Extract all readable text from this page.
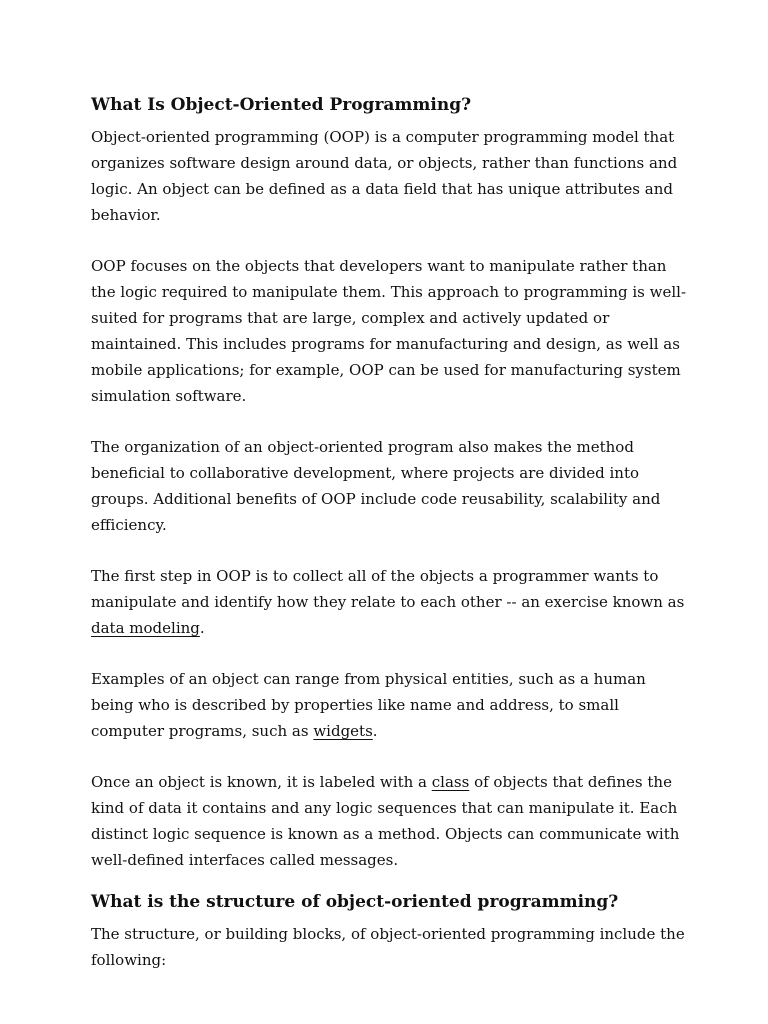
What Is Object-Oriented Programming?

Object-oriented programming (OOP) is a computer programming model that organizes software design around data, or objects, rather than functions and logic. An object can be defined as a data field that has unique attributes and behavior.

OOP focuses on the objects that developers want to manipulate rather than the logic required to manipulate them. This approach to programming is well-suited for programs that are large, complex and actively updated or maintained. This includes programs for manufacturing and design, as well as mobile applications; for example, OOP can be used for manufacturing system simulation software.

The organization of an object-oriented program also makes the method beneficial to collaborative development, where projects are divided into groups. Additional benefits of OOP include code reusability, scalability and efficiency.

The first step in OOP is to collect all of the objects a programmer wants to manipulate and identify how they relate to each other -- an exercise known as data modeling.

Examples of an object can range from physical entities, such as a human being who is described by properties like name and address, to small computer programs, such as widgets.

Once an object is known, it is labeled with a class of objects that defines the kind of data it contains and any logic sequences that can manipulate it. Each distinct logic sequence is known as a method. Objects can communicate with well-defined interfaces called messages.

What is the structure of object-oriented programming?

The structure, or building blocks, of object-oriented programming include the following:
